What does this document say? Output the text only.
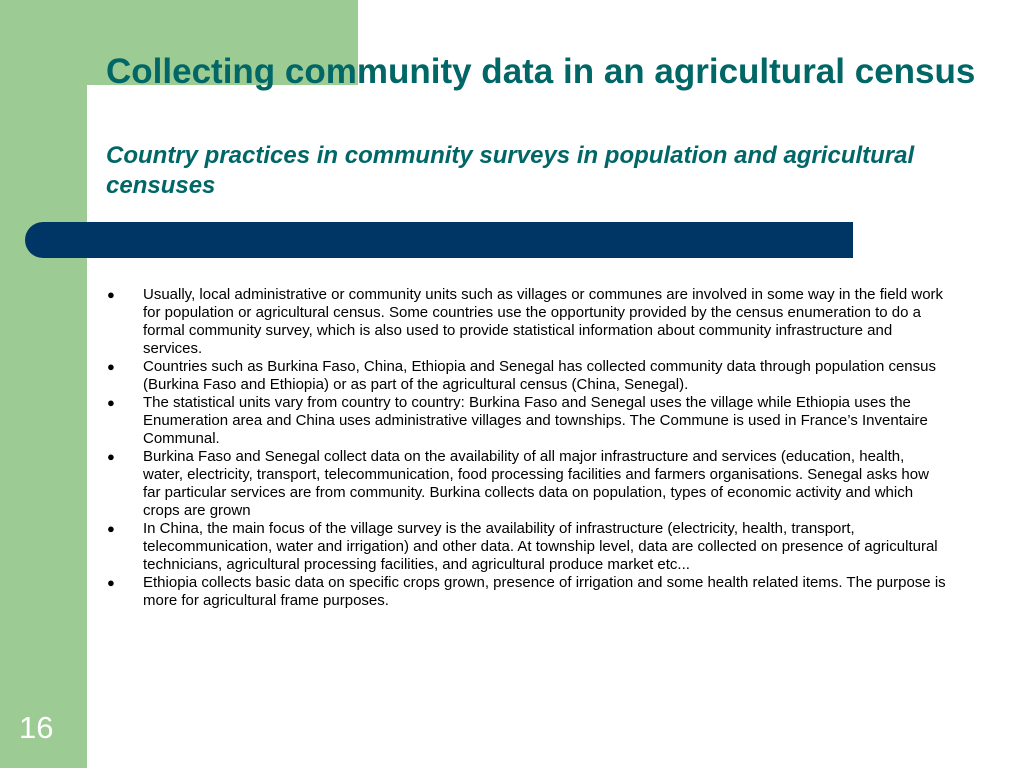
Collecting community data in an agricultural census
Country practices in community surveys in population and agricultural censuses
● Usually, local administrative or community units such as villages or communes are involved in some way in the field work for population or agricultural census. Some countries use the opportunity provided by the census enumeration to do a formal community survey, which is also used to provide statistical information about community infrastructure and services.
● Countries such as Burkina Faso, China, Ethiopia and Senegal has collected community data through population census (Burkina Faso and Ethiopia) or as part of the agricultural census (China, Senegal).
● The statistical units vary from country to country: Burkina Faso and Senegal uses the village while Ethiopia uses the Enumeration area and China uses administrative villages and townships. The Commune is used in France’s Inventaire Communal.
● Burkina Faso and Senegal collect data on the availability of all major infrastructure and services (education, health, water, electricity, transport, telecommunication, food processing facilities and farmers organisations. Senegal asks how far particular services are from community. Burkina collects data on population, types of economic activity and which crops are grown
● In China, the main focus of the village survey is the availability of infrastructure (electricity, health, transport, telecommunication, water and irrigation) and other data. At township level, data are collected on presence of agricultural technicians, agricultural processing facilities, and agricultural produce market etc...
● Ethiopia collects basic data on specific crops grown, presence of irrigation and some health related items. The purpose is more for agricultural frame purposes.
16
